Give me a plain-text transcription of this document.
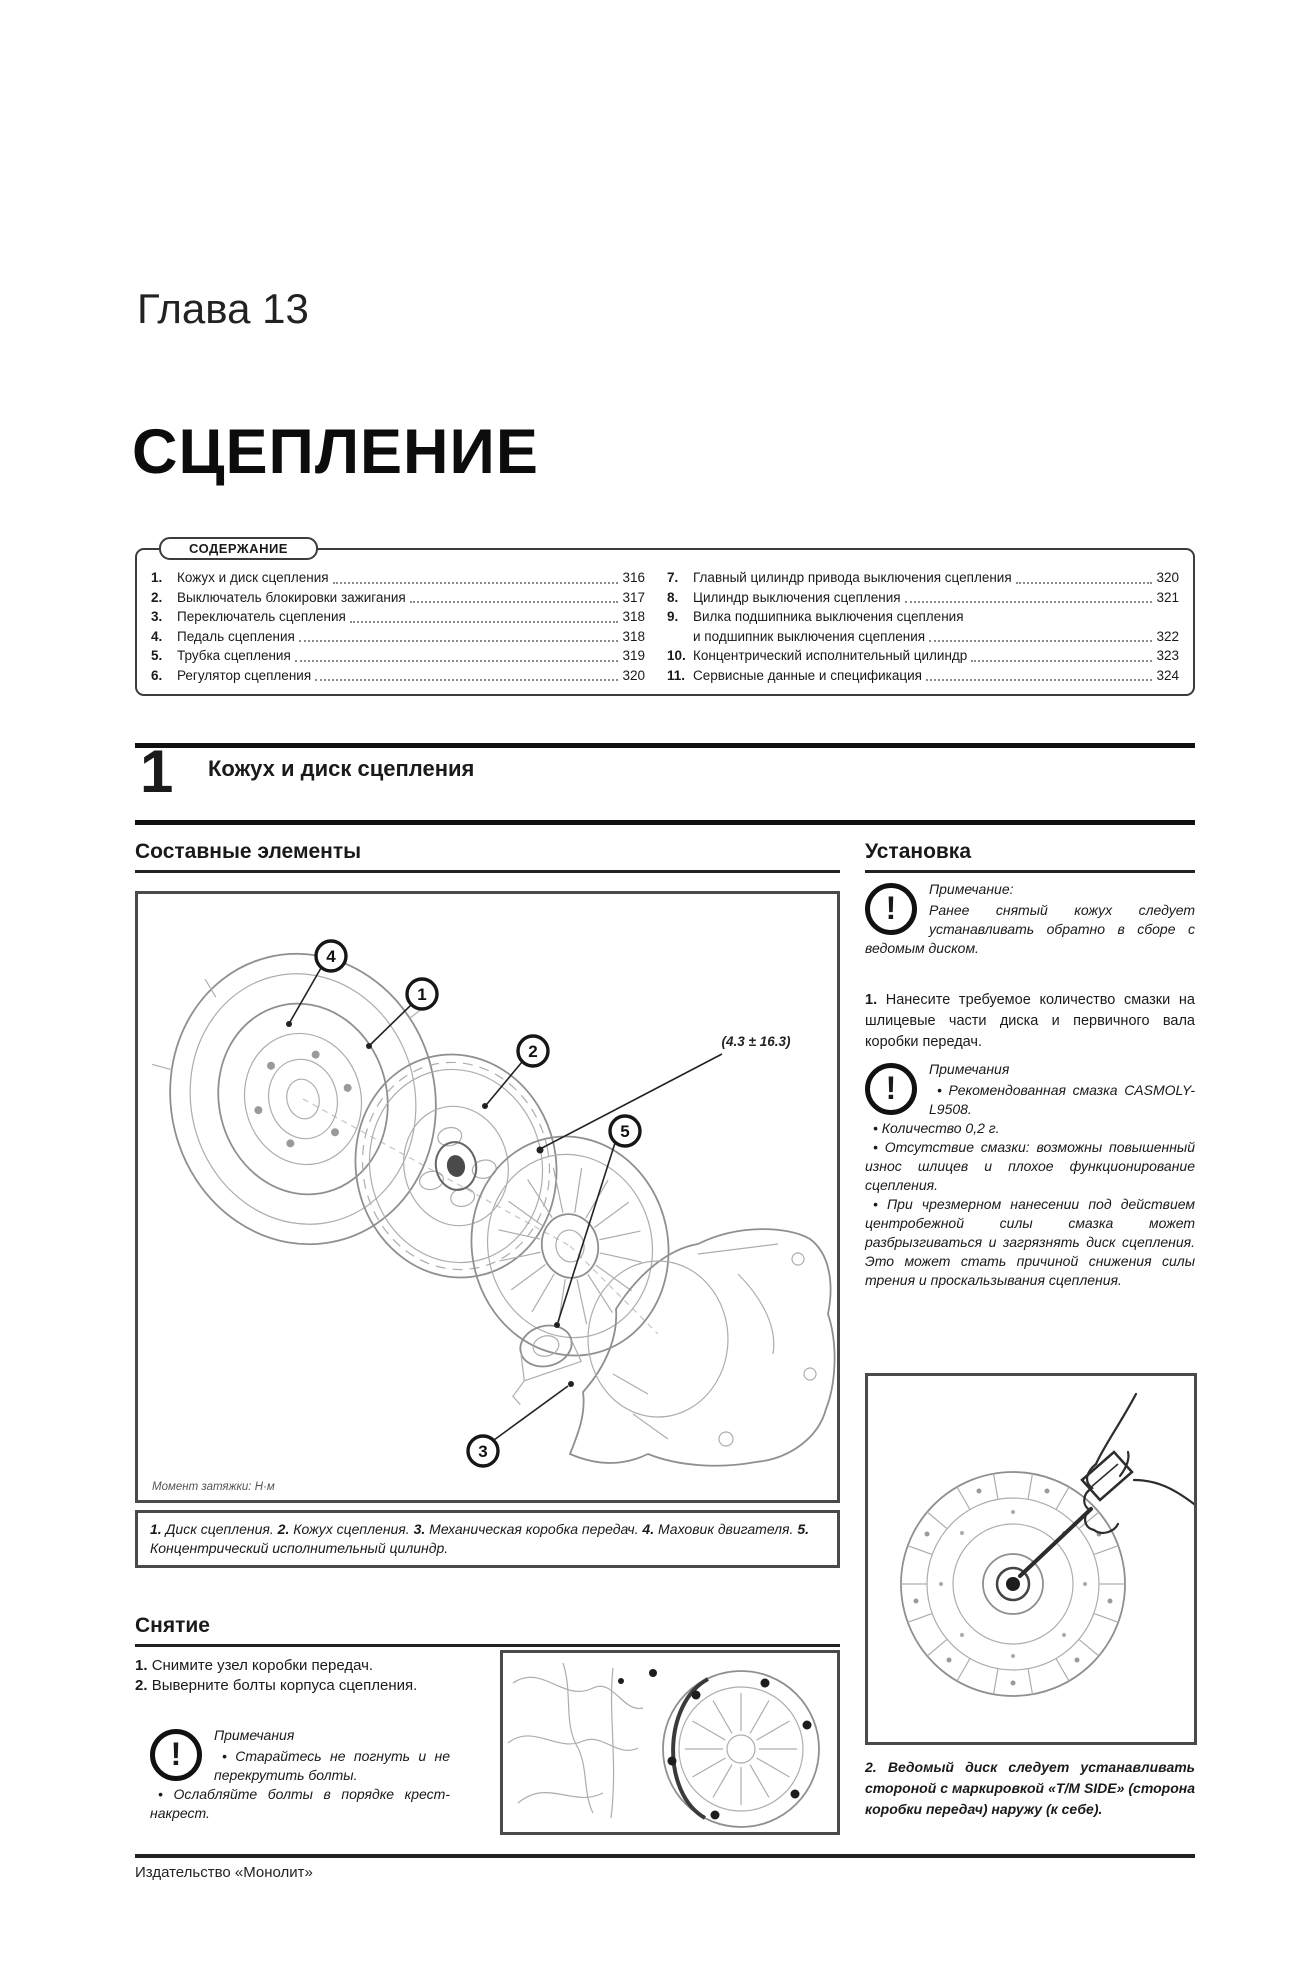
Глава 13
СЦЕПЛЕНИЕ
СОДЕРЖАНИЕ
1.	Кожух и диск сцепления	316
2.	Выключатель блокировки зажигания	317
3.	Переключатель сцепления	318
4.	Педаль сцепления	318
5.	Трубка сцепления	319
6.	Регулятор сцепления	320
7.	Главный цилиндр привода выключения сцепления	320
8.	Цилиндр выключения сцепления	321
9.	Вилка подшипника выключения сцепления
и подшипник выключения сцепления	322
10. Концентрический исполнительный цилиндр	323
11. Сервисные данные и спецификация	324
1 Кожух и диск сцепления
Составные элементы
4
1
2
5
3
(4.3 ± 16.3)
Момент затяжки: Н·м
1. Диск сцепления. 2. Кожух сцепления. 3. Механическая коробка передач. 4. Маховик двигателя. 5. Концентрический исполнительный цилиндр.
Снятие

1. Снимите узел коробки передач.

2. Выверните болты корпуса сцепления.

!
Примечания

• Старайтесь не погнуть и не перекрутить болты.

• Ослабляйте болты в порядке крест-накрест.

Установка
!
Примечание:

Ранее снятый кожух следует устанавливать обратно в сборе с ведомым диском.

1. Нанесите требуемое количество смазки на шлицевые части диска и первичного вала коробки передач.

!
Примечания

• Рекомендованная смазка CASMOLY-L9508.

• Количество 0,2 г.

• Отсутствие смазки: возможны повышенный износ шлицев и плохое функционирование сцепления.

• При чрезмерном нанесении под действием центробежной силы смазка может разбрызгиваться и загрязнять диск сцепления. Это может стать причиной снижения силы трения и проскальзывания сцепления.

2. Ведомый диск следует устанавливать стороной с маркировкой «T/M SIDE» (сторона коробки передач) наружу (к себе).

Издательство «Монолит»
